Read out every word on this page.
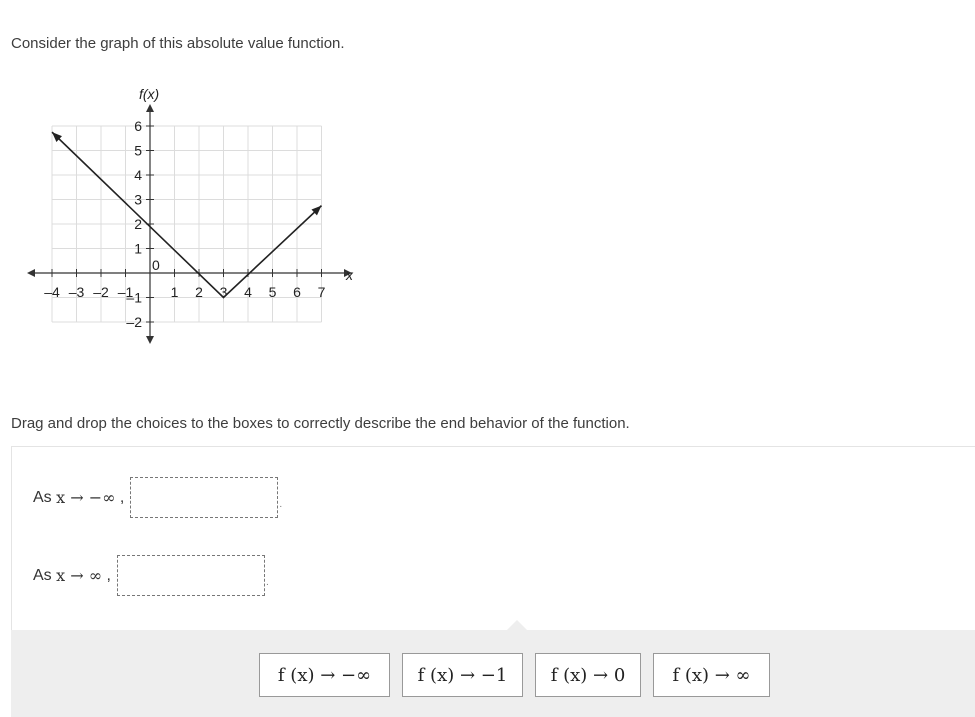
Consider the graph of this absolute value function.
–4 –3 –2 –1	1 2 3 4 5 6 7
6
5
4
3
2
1
–1
–2
f(x)
x
0
Drag and drop the choices to the boxes to correctly describe the end behavior of the function.
As x → −∞ ,	.
As x → ∞ ,	.
f (x) → −∞	f (x) → −1	f (x) → 0	f (x) → ∞
